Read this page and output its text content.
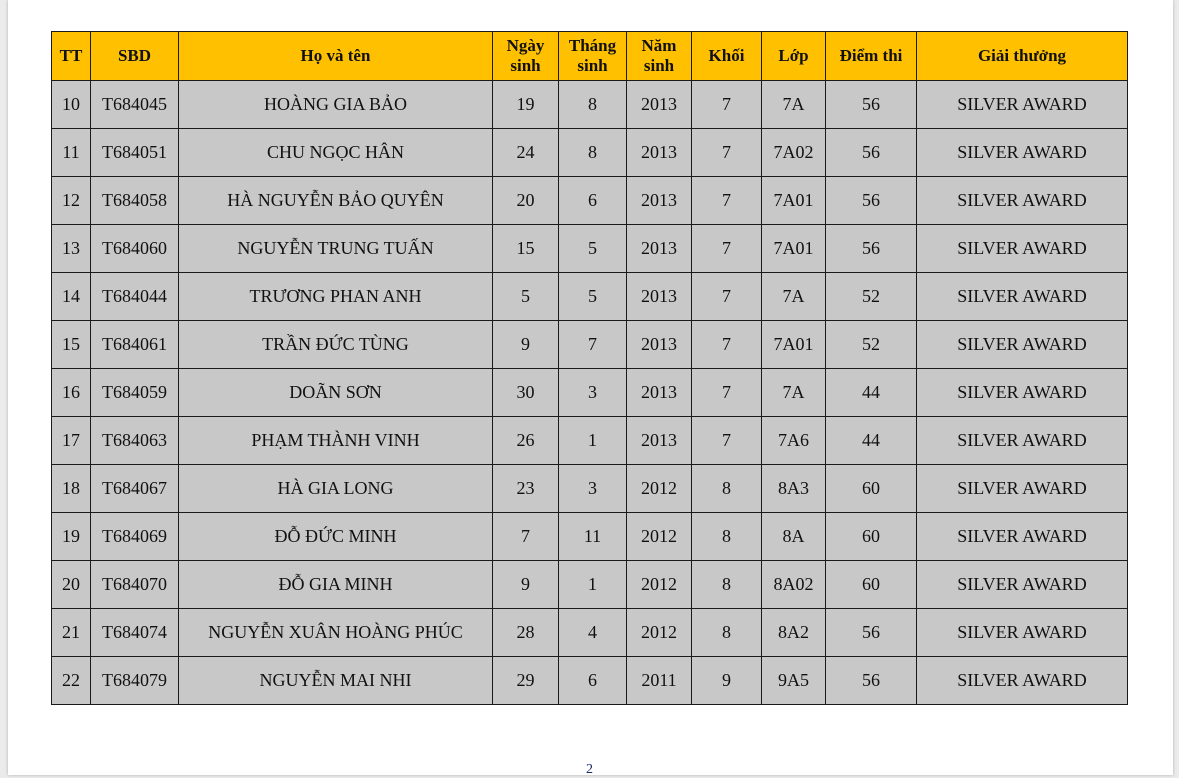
TT	SBD	Họ và tên	Ngày sinh	Tháng sinh	Năm sinh	Khối	Lớp	Điểm thi	Giải thưởng
10	T684045	HOÀNG GIA BẢO	19	8	2013	7	7A	56	SILVER AWARD
11	T684051	CHU NGỌC HÂN	24	8	2013	7	7A02	56	SILVER AWARD
12	T684058	HÀ NGUYỄN BẢO QUYÊN	20	6	2013	7	7A01	56	SILVER AWARD
13	T684060	NGUYỄN TRUNG TUẤN	15	5	2013	7	7A01	56	SILVER AWARD
14	T684044	TRƯƠNG PHAN ANH	5	5	2013	7	7A	52	SILVER AWARD
15	T684061	TRẦN ĐỨC TÙNG	9	7	2013	7	7A01	52	SILVER AWARD
16	T684059	DOÃN SƠN	30	3	2013	7	7A	44	SILVER AWARD
17	T684063	PHẠM THÀNH VINH	26	1	2013	7	7A6	44	SILVER AWARD
18	T684067	HÀ GIA LONG	23	3	2012	8	8A3	60	SILVER AWARD
19	T684069	ĐỖ ĐỨC MINH	7	11	2012	8	8A	60	SILVER AWARD
20	T684070	ĐỖ GIA MINH	9	1	2012	8	8A02	60	SILVER AWARD
21	T684074	NGUYỄN XUÂN HOÀNG PHÚC	28	4	2012	8	8A2	56	SILVER AWARD
22	T684079	NGUYỄN MAI NHI	29	6	2011	9	9A5	56	SILVER AWARD
2
